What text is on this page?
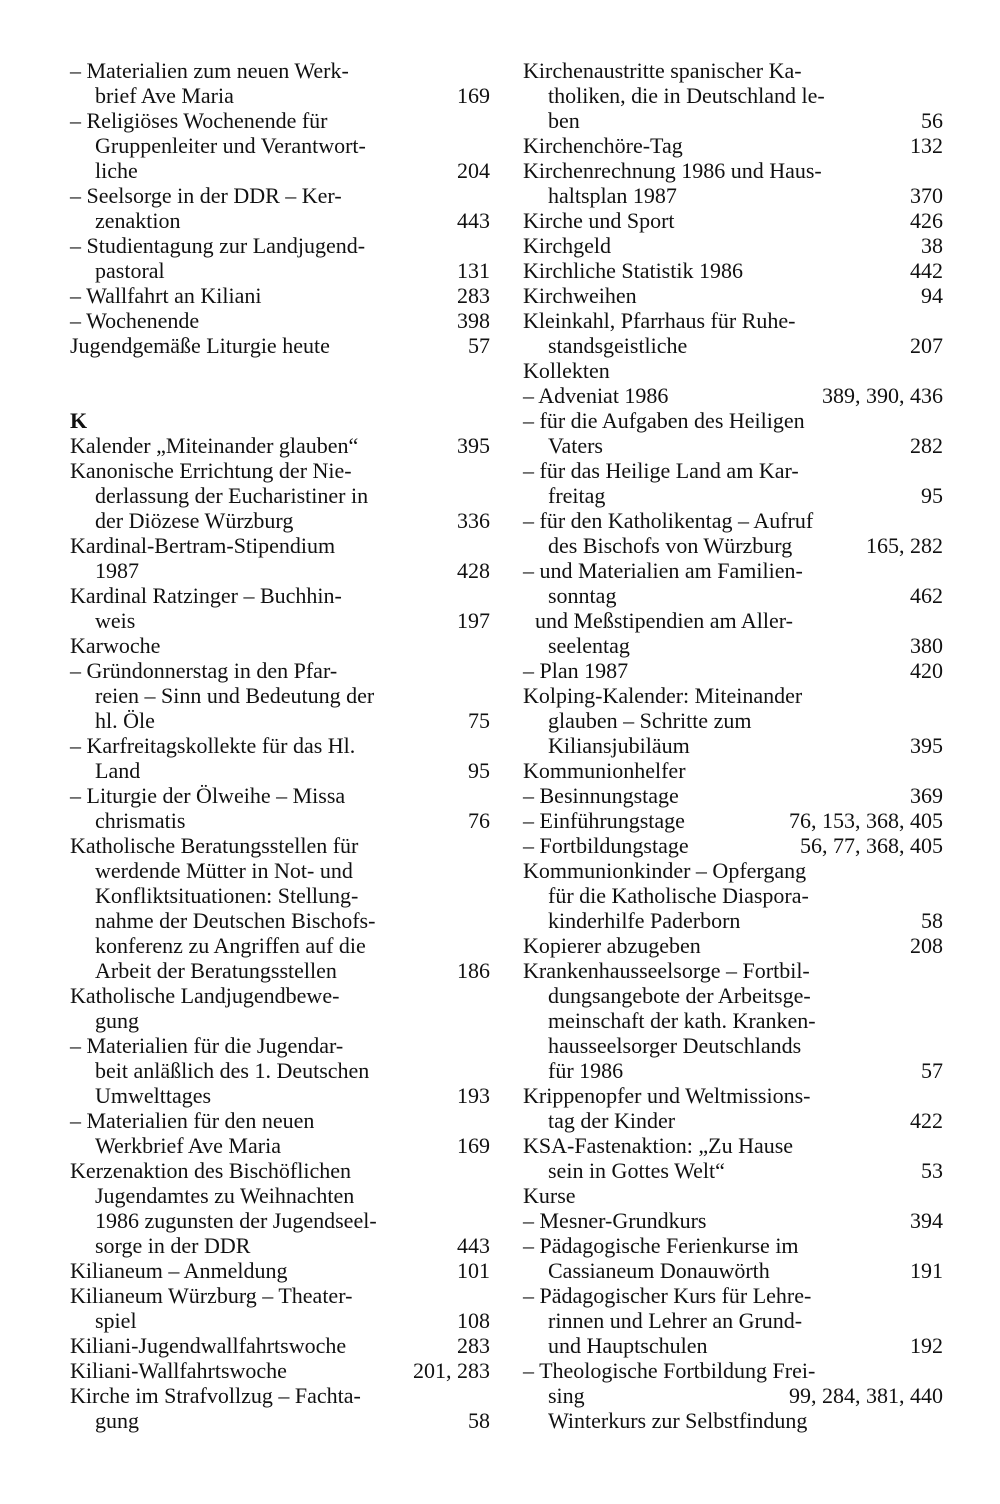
– Materialien zum neuen Werk-
brief Ave Maria	169
– Religiöses Wochenende für
Gruppenleiter und Verantwort-
liche	204
– Seelsorge in der DDR – Ker-
zenaktion	443
– Studientagung zur Landjugend-
pastoral	131
– Wallfahrt an Kiliani	283
– Wochenende	398
Jugendgemäße Liturgie heute	57
K
Kalender „Miteinander glauben“	395
Kanonische Errichtung der Nie-
derlassung der Eucharistiner in
der Diözese Würzburg	336
Kardinal-Bertram-Stipendium
1987	428
Kardinal Ratzinger – Buchhin-
weis	197
Karwoche
– Gründonnerstag in den Pfar-
reien – Sinn und Bedeutung der
hl. Öle	75
– Karfreitagskollekte für das Hl.
Land	95
– Liturgie der Ölweihe – Missa
chrismatis	76
Katholische Beratungsstellen für
werdende Mütter in Not- und
Konfliktsituationen: Stellung-
nahme der Deutschen Bischofs-
konferenz zu Angriffen auf die
Arbeit der Beratungsstellen	186
Katholische Landjugendbewe-
gung
– Materialien für die Jugendar-
beit anläßlich des 1. Deutschen
Umwelttages	193
– Materialien für den neuen
Werkbrief Ave Maria	169
Kerzenaktion des Bischöflichen
Jugendamtes zu Weihnachten
1986 zugunsten der Jugendseel-
sorge in der DDR	443
Kilianeum – Anmeldung	101
Kilianeum Würzburg – Theater-
spiel	108
Kiliani-Jugendwallfahrtswoche	283
Kiliani-Wallfahrtswoche	201, 283
Kirche im Strafvollzug – Fachta-
gung	58
Kirchenaustritte spanischer Ka-
tholiken, die in Deutschland le-
ben	56
Kirchenchöre-Tag	132
Kirchenrechnung 1986 und Haus-
haltsplan 1987	370
Kirche und Sport	426
Kirchgeld	38
Kirchliche Statistik 1986	442
Kirchweihen	94
Kleinkahl, Pfarrhaus für Ruhe-
standsgeistliche	207
Kollekten
– Adveniat 1986	389, 390, 436
– für die Aufgaben des Heiligen
Vaters	282
– für das Heilige Land am Kar-
freitag	95
– für den Katholikentag – Aufruf
des Bischofs von Würzburg	165, 282
– und Materialien am Familien-
sonntag	462
und Meßstipendien am Aller-
seelentag	380
– Plan 1987	420
Kolping-Kalender: Miteinander
glauben – Schritte zum
Kiliansjubiläum	395
Kommunionhelfer
– Besinnungstage	369
– Einführungstage	76, 153, 368, 405
– Fortbildungstage	56, 77, 368, 405
Kommunionkinder – Opfergang
für die Katholische Diaspora-
kinderhilfe Paderborn	58
Kopierer abzugeben	208
Krankenhausseelsorge – Fortbil-
dungsangebote der Arbeitsge-
meinschaft der kath. Kranken-
hausseelsorger Deutschlands
für 1986	57
Krippenopfer und Weltmissions-
tag der Kinder	422
KSA-Fastenaktion: „Zu Hause
sein in Gottes Welt“	53
Kurse
– Mesner-Grundkurs	394
– Pädagogische Ferienkurse im
Cassianeum Donauwörth	191
– Pädagogischer Kurs für Lehre-
rinnen und Lehrer an Grund-
und Hauptschulen	192
– Theologische Fortbildung Frei-
sing	99, 284, 381, 440
Winterkurs zur Selbstfindung
